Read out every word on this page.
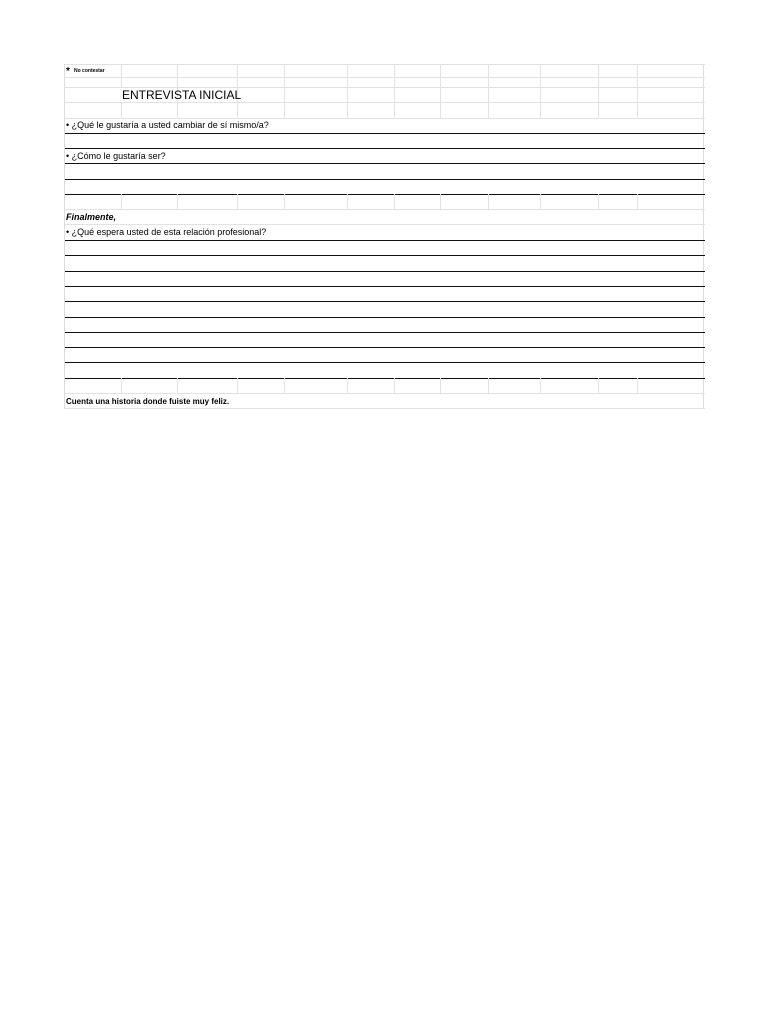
* No contestar
ENTREVISTA INICIAL
• ¿Qué le gustaría a usted cambiar de sí mismo/a?
• ¿Cómo le gustaría ser?
Finalmente,
• ¿Qué espera usted de esta relación profesional?
Cuenta una historia donde fuiste muy feliz.
